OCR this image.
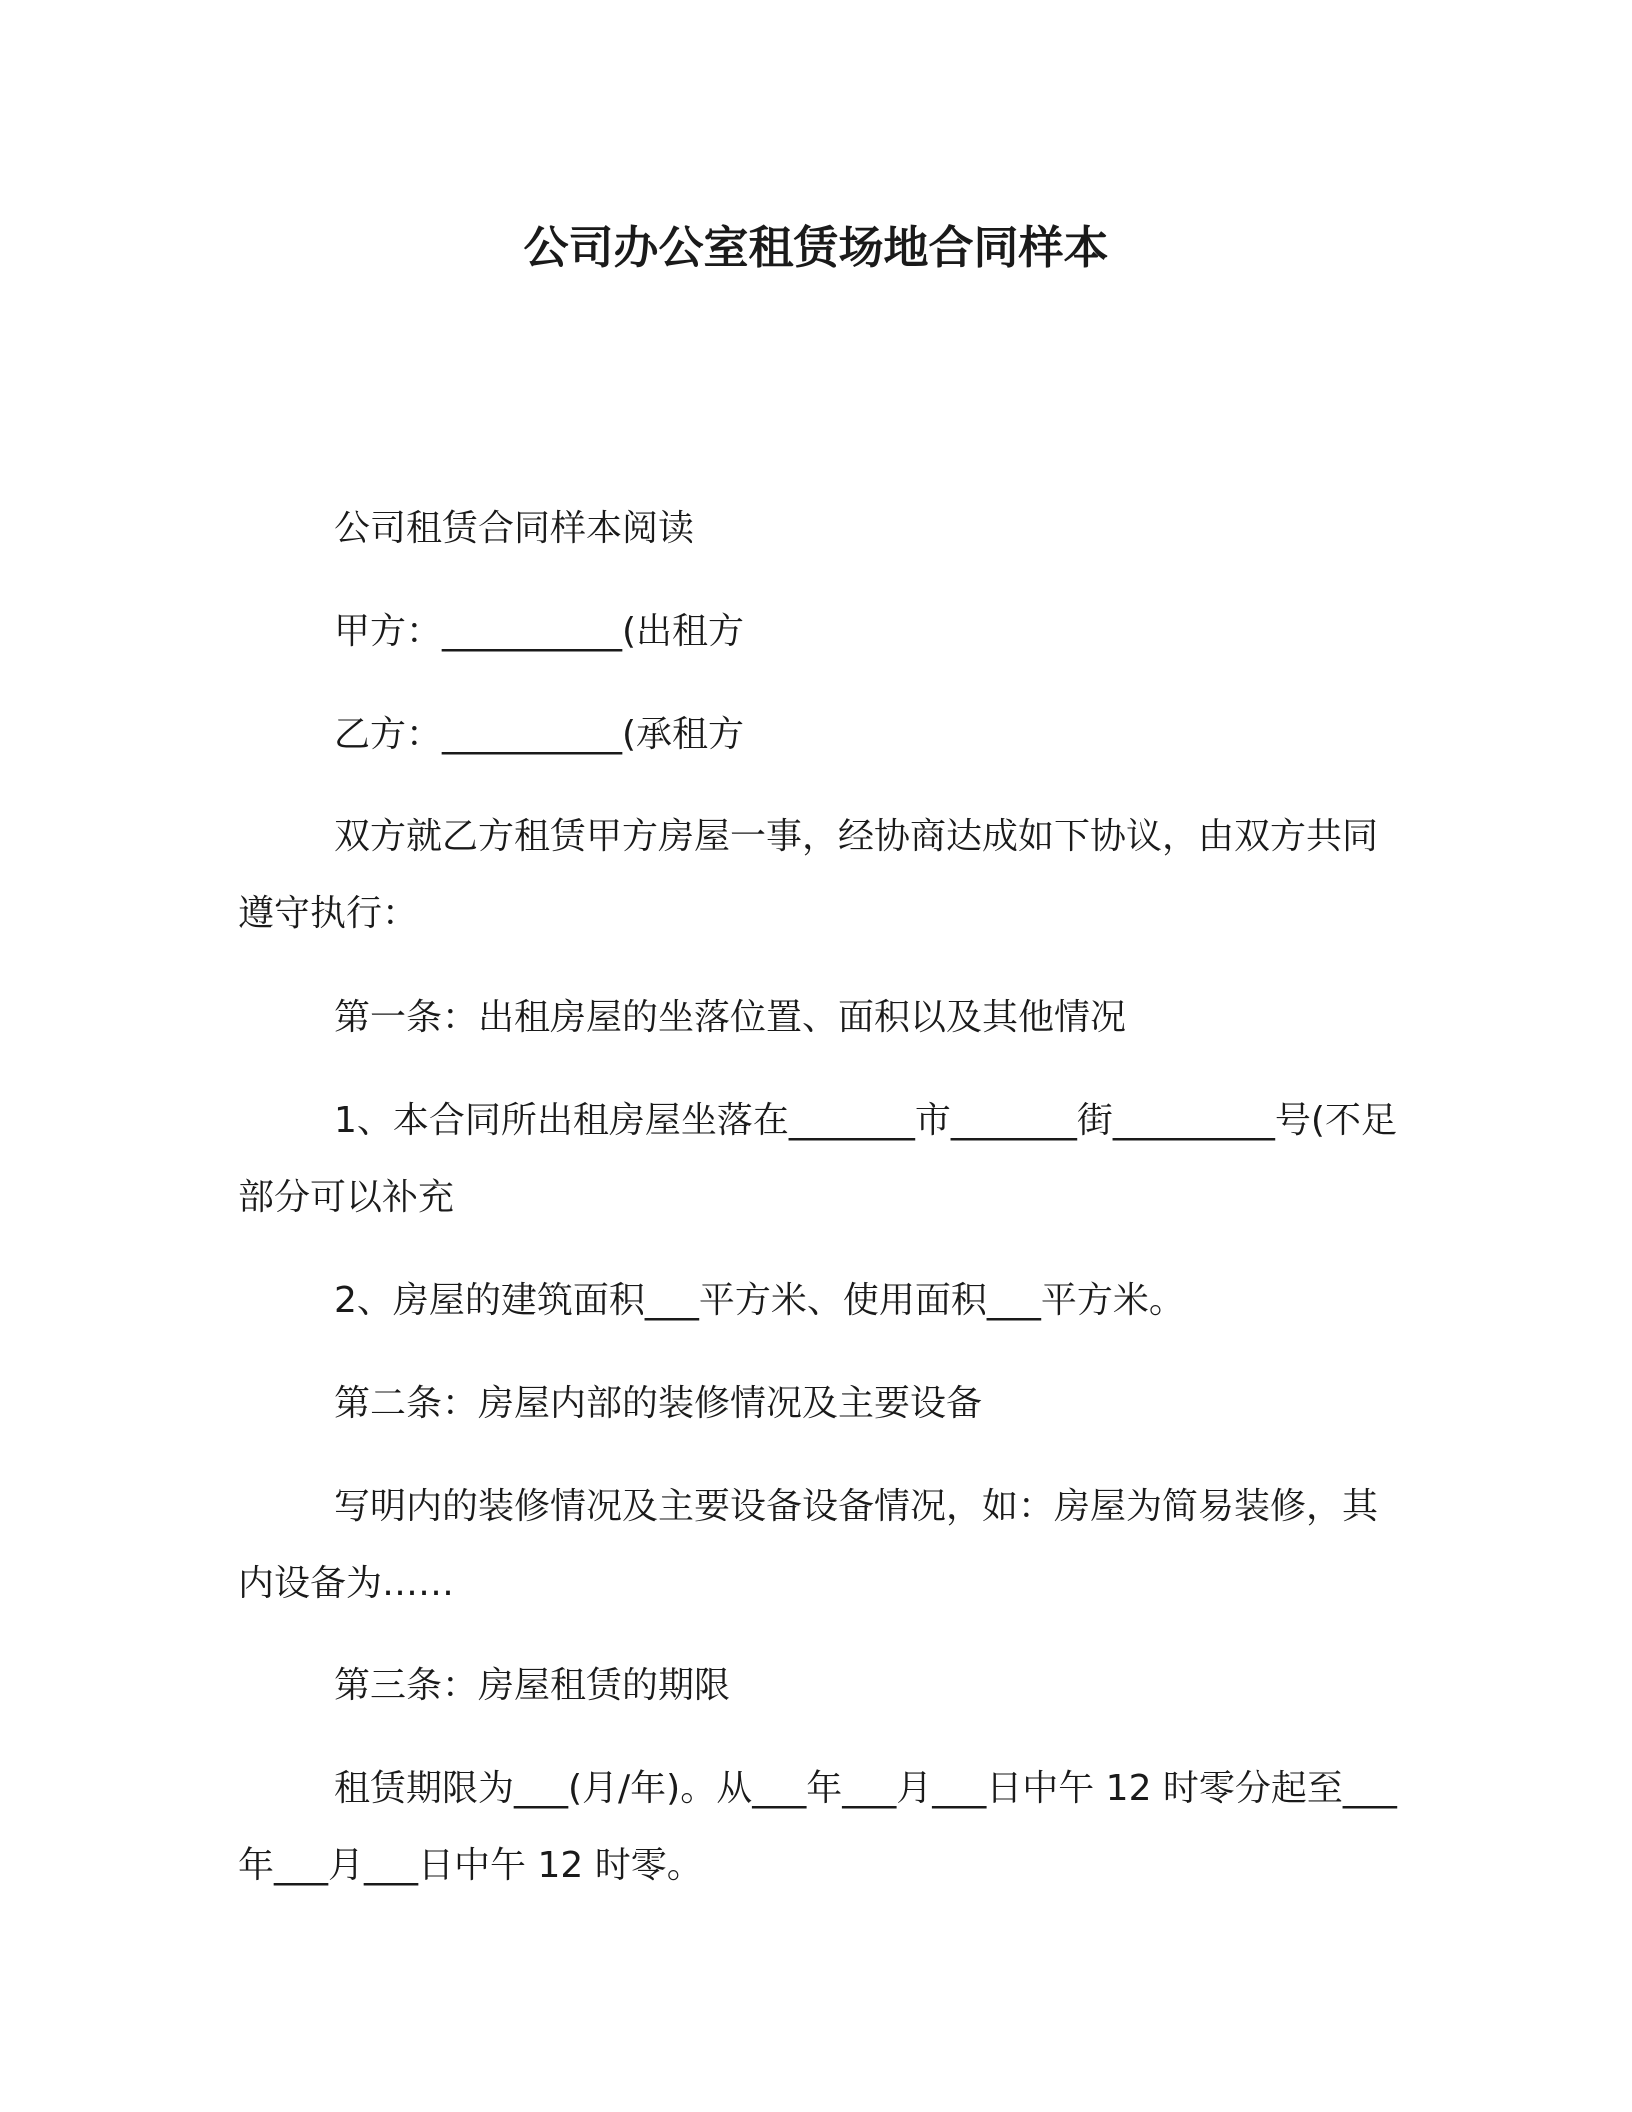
公司办公室租赁场地合同样本
公司租赁合同样本阅读
甲方：__________(出租方
乙方：__________(承租方
双方就乙方租赁甲方房屋一事，经协商达成如下协议，由双方共同遵守执行：
第一条：出租房屋的坐落位置、面积以及其他情况
1、本合同所出租房屋坐落在_______市_______街_________号(不足部分可以补充
2、房屋的建筑面积___平方米、使用面积___平方米。
第二条：房屋内部的装修情况及主要设备
写明内的装修情况及主要设备设备情况，如：房屋为简易装修，其内设备为……
第三条：房屋租赁的期限
租赁期限为___(月/年)。从___年___月___日中午 12 时零分起至___年___月___日中午 12 时零。
